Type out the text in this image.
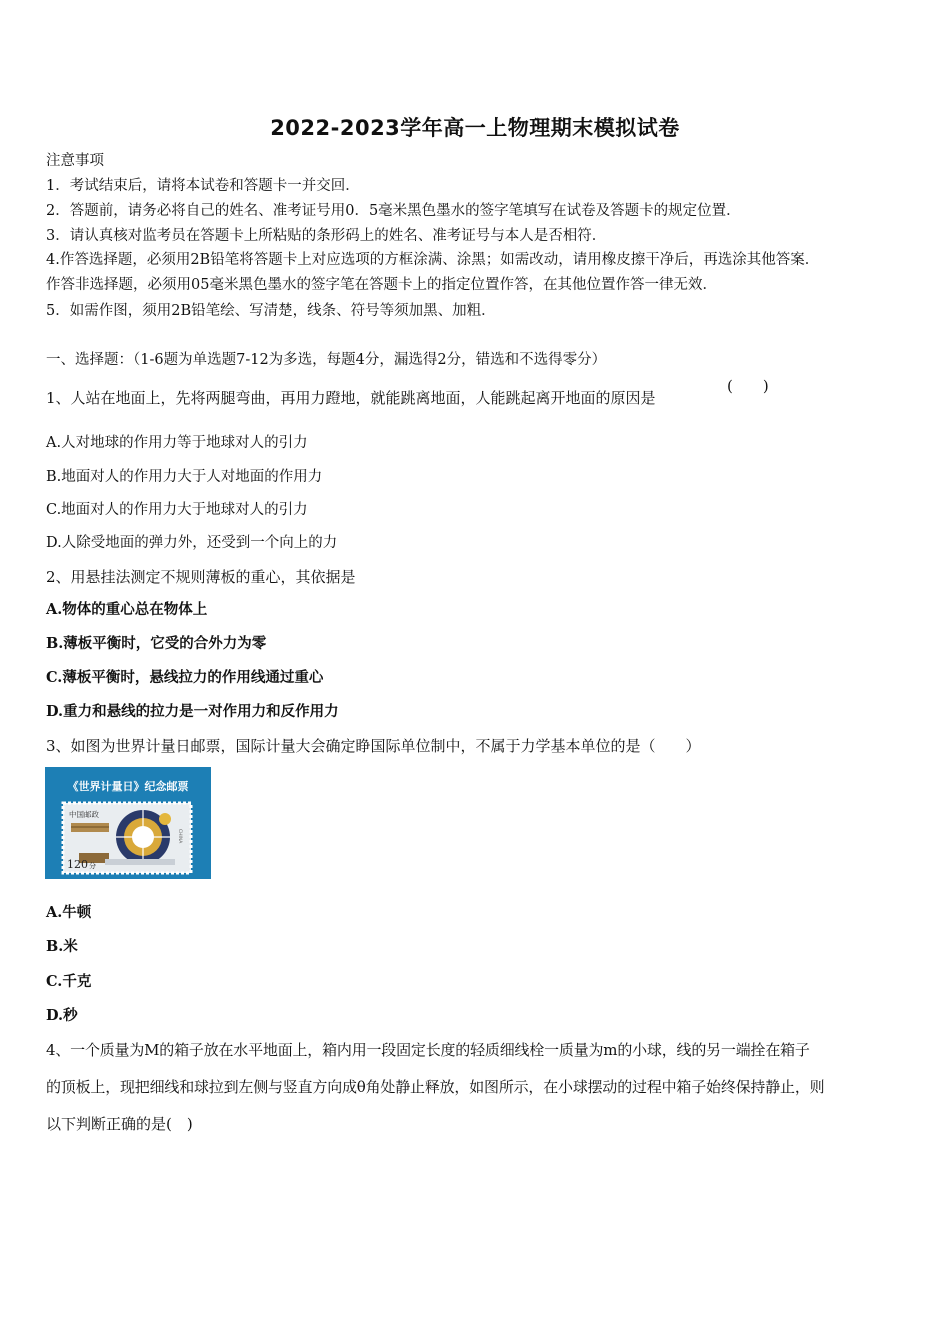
2022-2023学年高一上物理期末模拟试卷
注意事项
1．考试结束后，请将本试卷和答题卡一并交回．
2．答题前，请务必将自己的姓名、准考证号用0．5毫米黑色墨水的签字笔填写在试卷及答题卡的规定位置．
3．请认真核对监考员在答题卡上所粘贴的条形码上的姓名、准考证号与本人是否相符．
4.作答选择题，必须用2B铅笔将答题卡上对应选项的方框涂满、涂黑；如需改动，请用橡皮擦干净后，再选涂其他答案．
作答非选择题，必须用05毫米黑色墨水的签字笔在答题卡上的指定位置作答，在其他位置作答一律无效．
5．如需作图，须用2B铅笔绘、写清楚，线条、符号等须加黑、加粗．
一、选择题：（1-6题为单选题7-12为多选，每题4分，漏选得2分，错选和不选得零分）
1、人站在地面上，先将两腿弯曲，再用力蹬地，就能跳离地面，人能跳起离开地面的原因是
(　　)
A.人对地球的作用力等于地球对人的引力
B.地面对人的作用力大于人对地面的作用力
C.地面对人的作用力大于地球对人的引力
D.人除受地面的弹力外，还受到一个向上的力
2、用悬挂法测定不规则薄板的重心，其依据是
A.物体的重心总在物体上
B.薄板平衡时，它受的合外力为零
C.薄板平衡时，悬线拉力的作用线通过重心
D.重力和悬线的拉力是一对作用力和反作用力
3、如图为世界计量日邮票，国际计量大会确定睁国际单位制中，不属于力学基本单位的是（　　）
《世界计量日》纪念邮票
中国邮政
CHINA
120 分
A.牛顿
B.米
C.千克
D.秒
4、一个质量为M的箱子放在水平地面上，箱内用一段固定长度的轻质细线栓一质量为m的小球，线的另一端拴在箱子
的顶板上，现把细线和球拉到左侧与竖直方向成θ角处静止释放，如图所示，在小球摆动的过程中箱子始终保持静止，则
以下判断正确的是(　)
